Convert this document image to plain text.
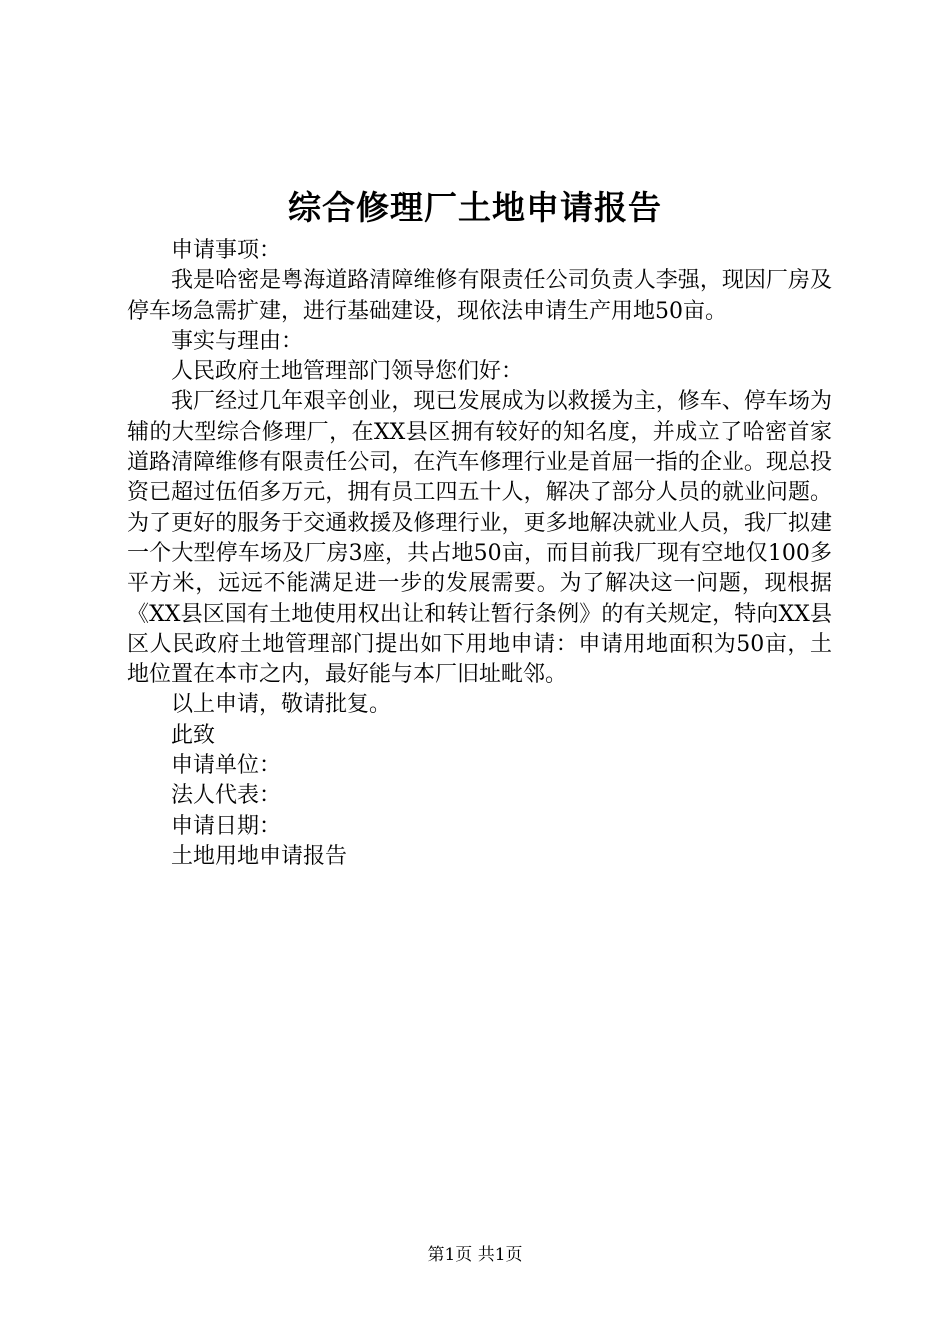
综合修理厂土地申请报告

申请事项：

我是哈密是粤海道路清障维修有限责任公司负责人李强，现因厂房及停车场急需扩建，进行基础建设，现依法申请生产用地50亩。

事实与理由：

人民政府土地管理部门领导您们好：

我厂经过几年艰辛创业，现已发展成为以救援为主，修车、停车场为辅的大型综合修理厂，在XX县区拥有较好的知名度，并成立了哈密首家道路清障维修有限责任公司，在汽车修理行业是首屈一指的企业。现总投资已超过伍佰多万元，拥有员工四五十人，解决了部分人员的就业问题。为了更好的服务于交通救援及修理行业，更多地解决就业人员，我厂拟建一个大型停车场及厂房3座，共占地50亩，而目前我厂现有空地仅100多平方米，远远不能满足进一步的发展需要。为了解决这一问题，现根据《XX县区国有土地使用权出让和转让暂行条例》的有关规定，特向XX县区人民政府土地管理部门提出如下用地申请：申请用地面积为50亩，土地位置在本市之内，最好能与本厂旧址毗邻。

以上申请，敬请批复。

此致

申请单位：

法人代表：

申请日期：

土地用地申请报告

第1页 共1页
